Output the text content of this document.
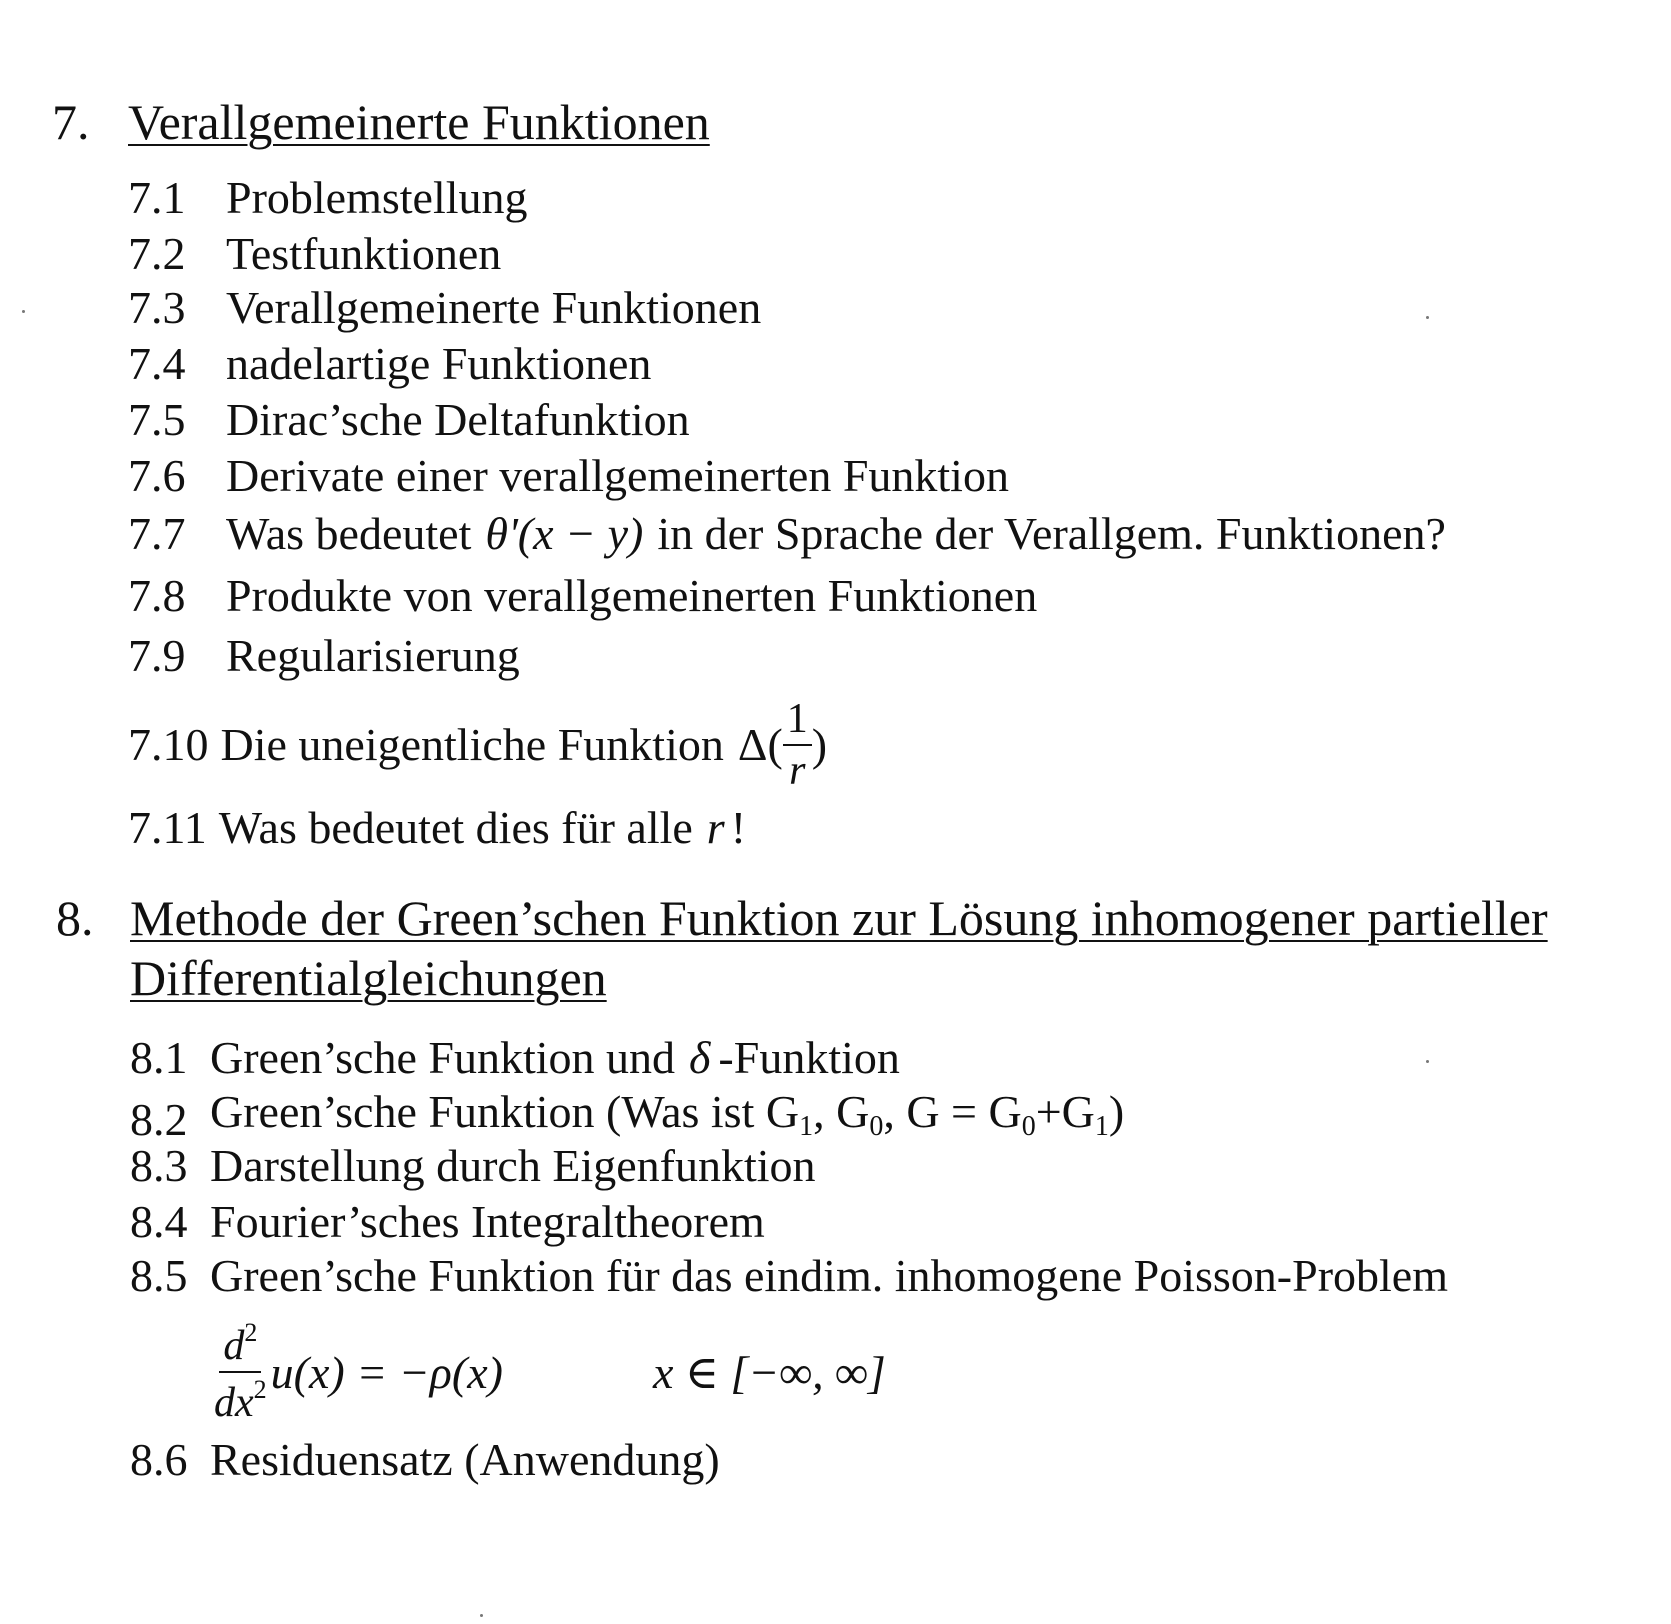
7. Verallgemeinerte Funktionen
7.1 Problemstellung
7.2 Testfunktionen
7.3 Verallgemeinerte Funktionen
7.4 nadelartige Funktionen
7.5 Dirac’sche Deltafunktion
7.6 Derivate einer verallgemeinerten Funktion
7.7 Was bedeutet θ'(x − y) in der Sprache der Verallgem. Funktionen?
7.8 Produkte von verallgemeinerten Funktionen
7.9 Regularisierung
7.10 Die uneigentliche Funktion $\Delta( \frac{1}{r}$ )
7.11 Was bedeutet dies für alle r !
8. Methode der Green’schen Funktion zur Lösung inhomogener partieller
Differentialgleichungen
8.1 Green’sche Funktion und δ -Funktion
8.2 Green’sche Funktion (Was ist $G_1$, $G_0$, $G = G_0+G_1$)
8.3 Darstellung durch Eigenfunktion
8.4 Fourier’sches Integraltheorem
8.5 Green’sche Funktion für das eindim. inhomogene Poisson-Problem
$\frac{d^2}{dx^2} u(x) = -\rho(x)$	x ∈ [−∞, ∞]
8.6 Residuensatz (Anwendung)
